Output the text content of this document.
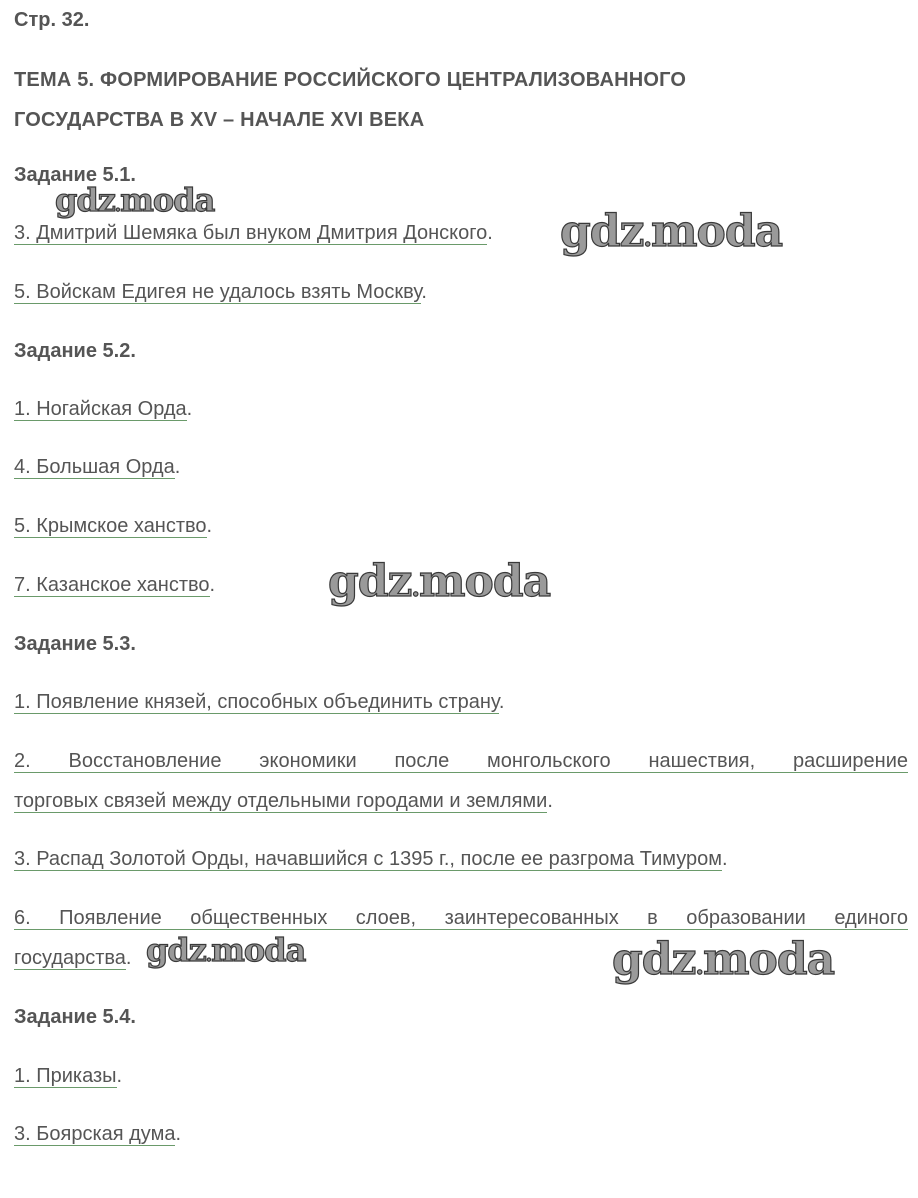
Стр. 32.
ТЕМА 5. ФОРМИРОВАНИЕ РОССИЙСКОГО ЦЕНТРАЛИЗОВАННОГО
ГОСУДАРСТВА В XV – НАЧАЛЕ XVI ВЕКА
Задание 5.1.
3. Дмитрий Шемяка был внуком Дмитрия Донского.
5. Войскам Едигея не удалось взять Москву.
Задание 5.2.
1. Ногайская Орда.
4. Большая Орда.
5. Крымское ханство.
7. Казанское ханство.
Задание 5.3.
1. Появление князей, способных объединить страну.
2. Восстановление экономики после монгольского нашествия, расширение
торговых связей между отдельными городами и землями.
3. Распад Золотой Орды, начавшийся с 1395 г., после ее разгрома Тимуром.
6. Появление общественных слоев, заинтересованных в образовании единого
государства.
Задание 5.4.
1. Приказы.
3. Боярская дума.
gdz.moda
gdz.moda
gdz.moda
gdz.moda	gdz.moda
